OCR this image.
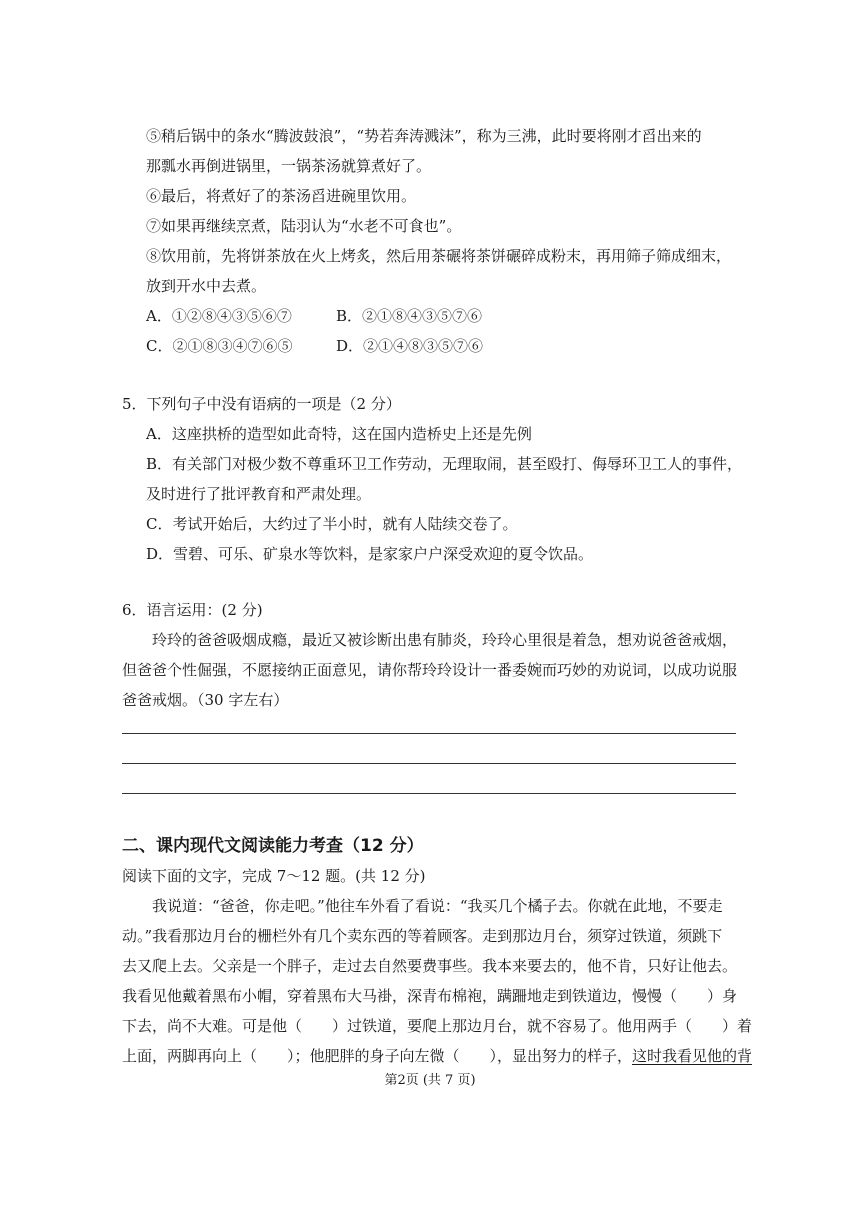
⑤稍后锅中的条水“腾波鼓浪”，“势若奔涛溅沫”，称为三沸，此时要将刚才舀出来的
那瓢水再倒进锅里，一锅茶汤就算煮好了。
⑥最后，将煮好了的茶汤舀进碗里饮用。
⑦如果再继续烹煮，陆羽认为“水老不可食也”。
⑧饮用前，先将饼茶放在火上烤炙，然后用茶碾将茶饼碾碎成粉末，再用筛子筛成细末，
放到开水中去煮。
A．①②⑧④③⑤⑥⑦	B．②①⑧④③⑤⑦⑥
C．②①⑧③④⑦⑥⑤	D．②①④⑧③⑤⑦⑥
5．下列句子中没有语病的一项是（2 分）
A．这座拱桥的造型如此奇特，这在国内造桥史上还是先例
B．有关部门对极少数不尊重环卫工作劳动，无理取闹，甚至殴打、侮辱环卫工人的事件，
及时进行了批评教育和严肃处理。
C．考试开始后，大约过了半小时，就有人陆续交卷了。
D．雪碧、可乐、矿泉水等饮料，是家家户户深受欢迎的夏令饮品。
6．语言运用：(2 分)
玲玲的爸爸吸烟成瘾，最近又被诊断出患有肺炎，玲玲心里很是着急，想劝说爸爸戒烟，
但爸爸个性倔强，不愿接纳正面意见，请你帮玲玲设计一番委婉而巧妙的劝说词，以成功说服
爸爸戒烟。（30 字左右）
二、课内现代文阅读能力考查（12 分）
阅读下面的文字，完成 7～12 题。(共 12 分)
我说道：“爸爸，你走吧。”他往车外看了看说：“我买几个橘子去。你就在此地，不要走
动。”我看那边月台的栅栏外有几个卖东西的等着顾客。走到那边月台，须穿过铁道，须跳下
去又爬上去。父亲是一个胖子，走过去自然要费事些。我本来要去的，他不肯，只好让他去。
我看见他戴着黑布小帽，穿着黑布大马褂，深青布棉袍，蹒跚地走到铁道边，慢慢（　　）身
下去，尚不大难。可是他（　　）过铁道，要爬上那边月台，就不容易了。他用两手（　　）着
上面，两脚再向上（　　）；他肥胖的身子向左微（　　），显出努力的样子，这时我看见他的背
第2页 (共 7 页)
